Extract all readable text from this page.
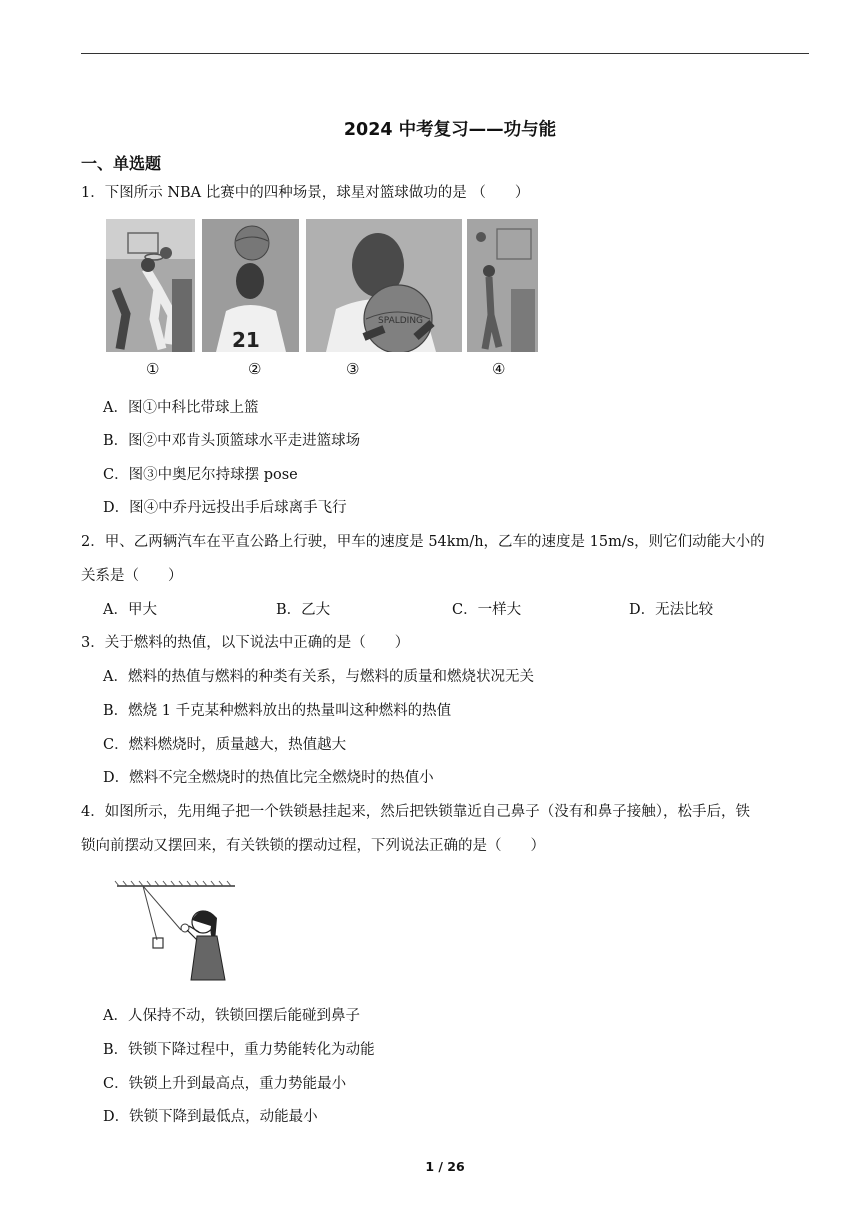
2024 中考复习——功与能
一、单选题
1．下图所示 NBA 比赛中的四种场景，球星对篮球做功的是 （　　）
21
SPALDING
①	②	③	④
A．图①中科比带球上篮
B．图②中邓肯头顶篮球水平走进篮球场
C．图③中奥尼尔持球摆 pose
D．图④中乔丹远投出手后球离手飞行
2．甲、乙两辆汽车在平直公路上行驶，甲车的速度是 54km/h，乙车的速度是 15m/s，则它们动能大小的
关系是（　　）
A．甲大	B．乙大	C．一样大	D．无法比较
3．关于燃料的热值，以下说法中正确的是（　　）
A．燃料的热值与燃料的种类有关系，与燃料的质量和燃烧状况无关
B．燃烧 1 千克某种燃料放出的热量叫这种燃料的热值
C．燃料燃烧时，质量越大，热值越大
D．燃料不完全燃烧时的热值比完全燃烧时的热值小
4．如图所示，先用绳子把一个铁锁悬挂起来，然后把铁锁靠近自己鼻子（没有和鼻子接触），松手后，铁
锁向前摆动又摆回来，有关铁锁的摆动过程，下列说法正确的是（　　）
A．人保持不动，铁锁回摆后能碰到鼻子
B．铁锁下降过程中，重力势能转化为动能
C．铁锁上升到最高点，重力势能最小
D．铁锁下降到最低点，动能最小
1 / 26
